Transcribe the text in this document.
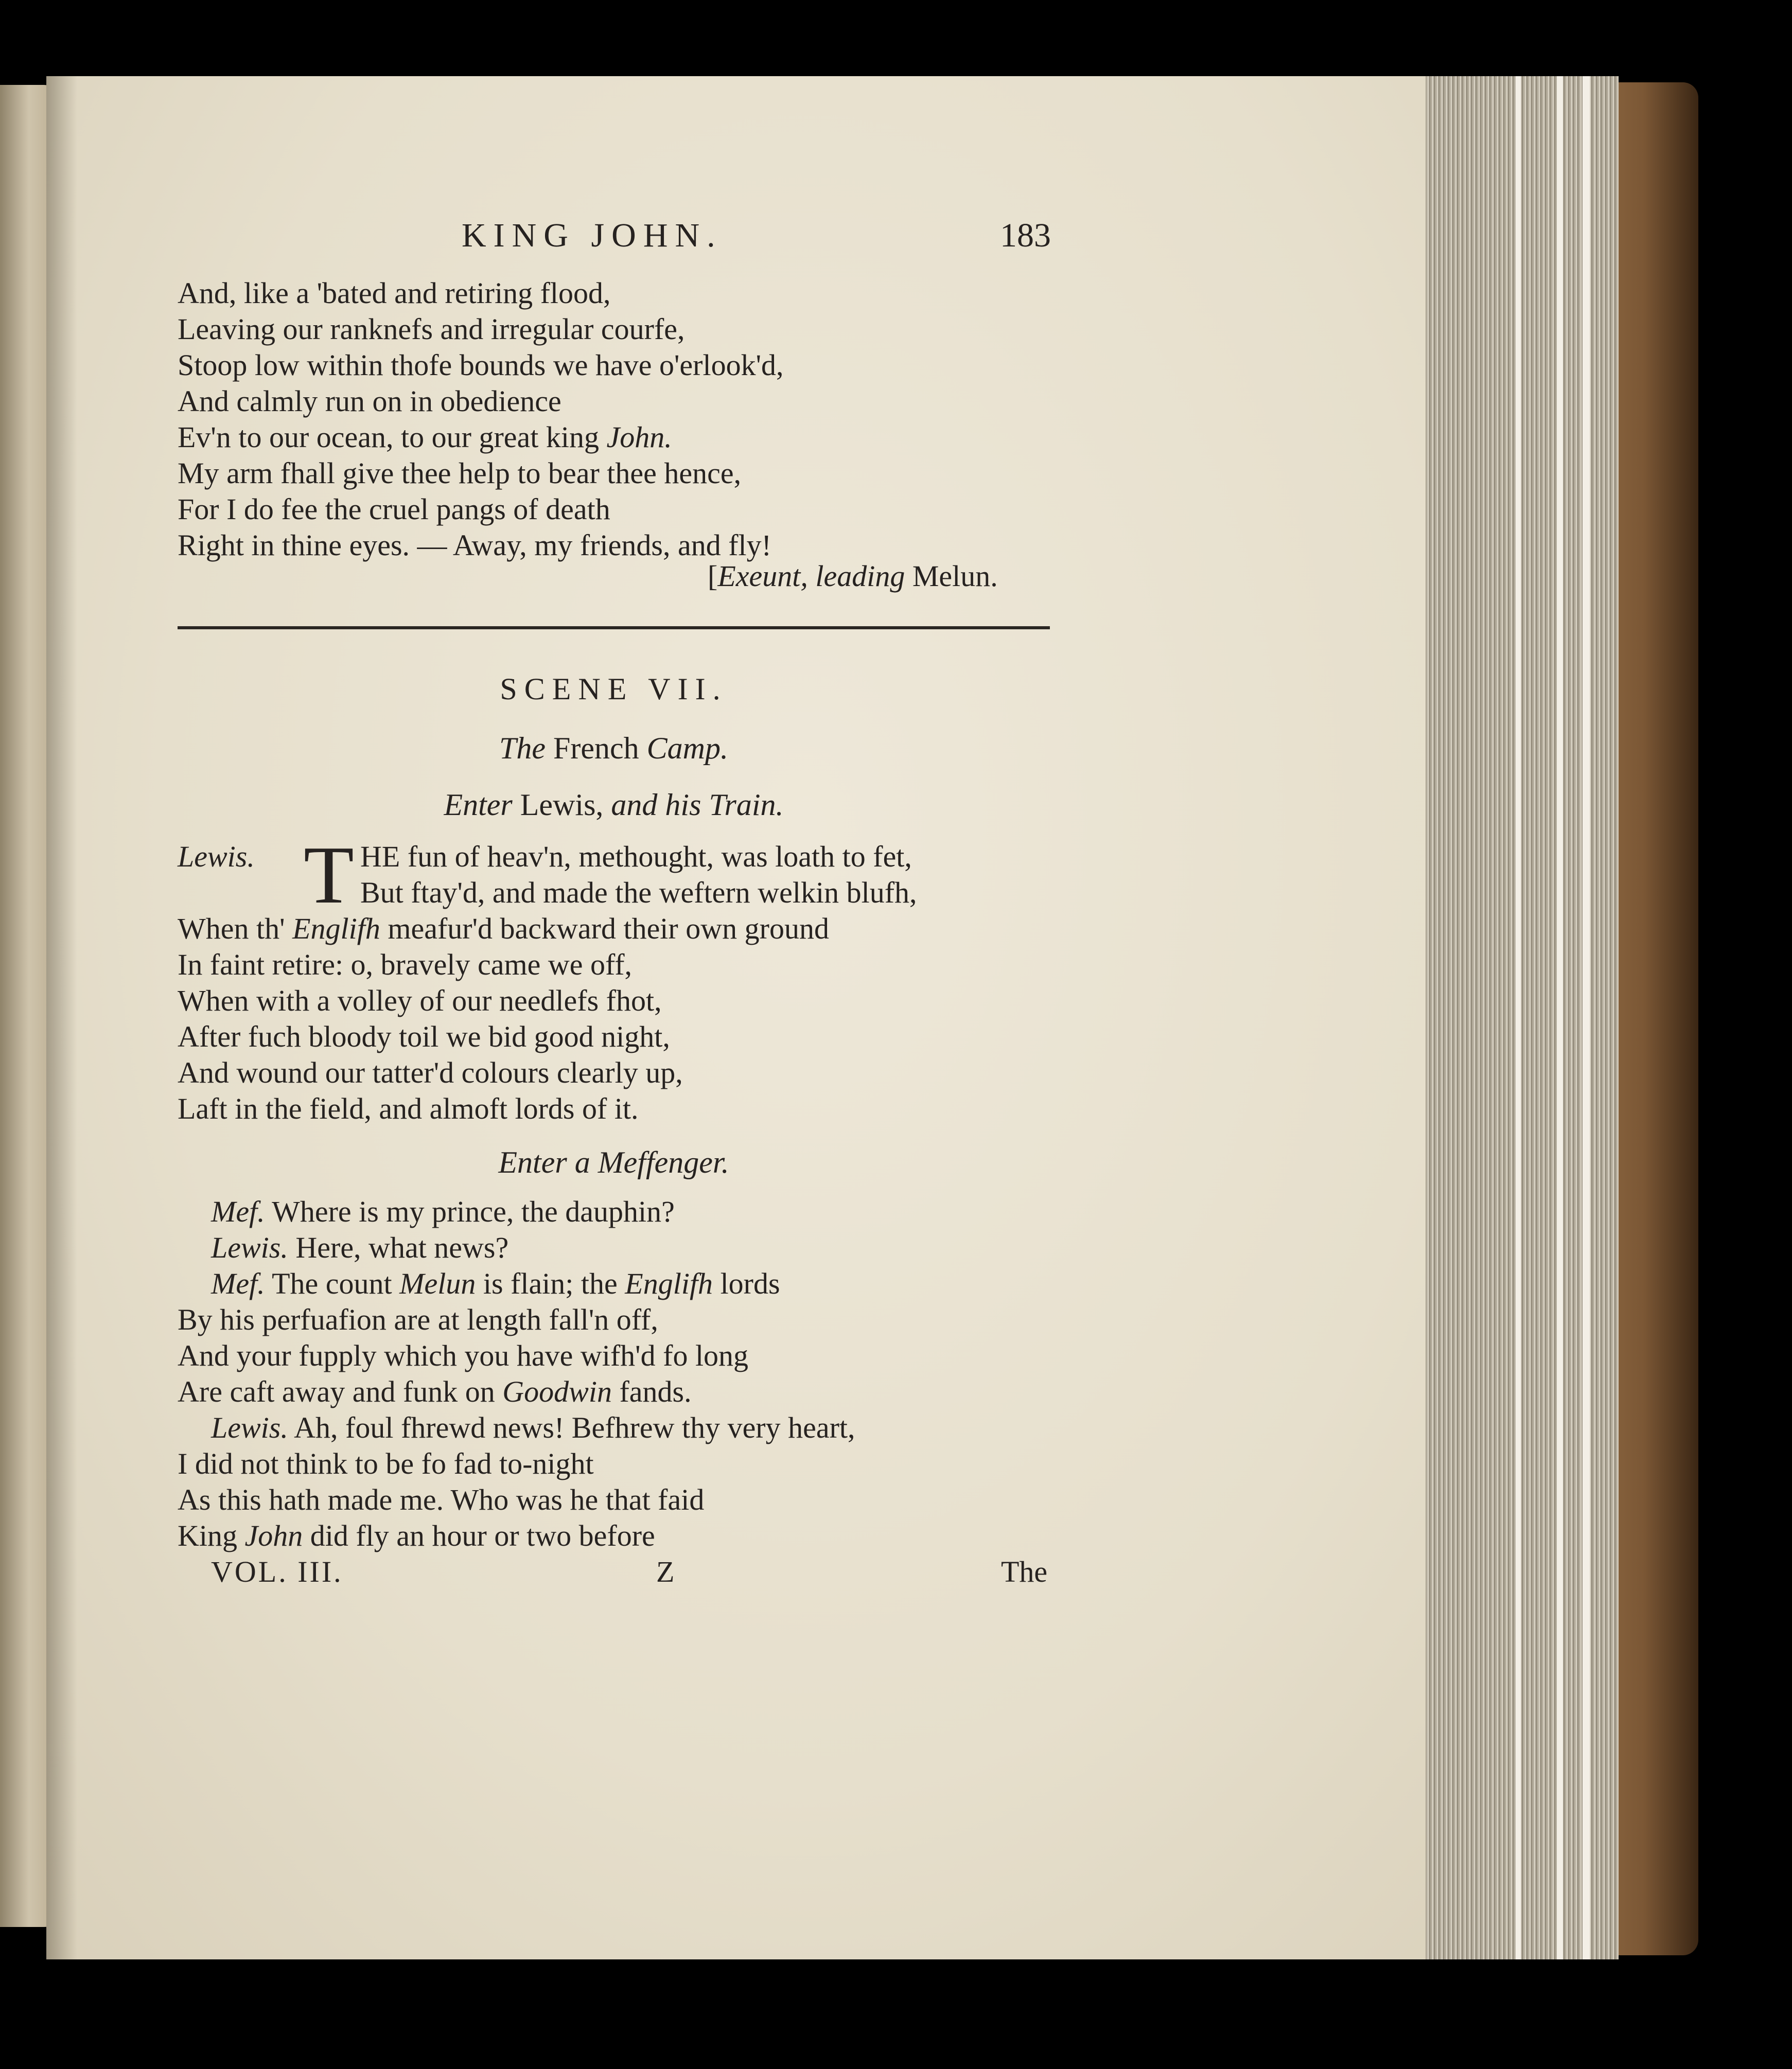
KING JOHN.	183
And, like a 'bated and retiring flood,
Leaving our ranknefs and irregular courfe,
Stoop low within thofe bounds we have o'erlook'd,
And calmly run on in obedience
Ev'n to our ocean, to our great king John.
My arm fhall give thee help to bear thee hence,
For I do fee the cruel pangs of death
Right in thine eyes. — Away, my friends, and fly!
[Exeunt, leading Melun.
SCENE VII.
The French Camp.
Enter Lewis, and his Train.
Lewis. T HE fun of heav'n, methought, was loath to fet,
But ftay'd, and made the weftern welkin blufh,
When th' Englifh meafur'd backward their own ground
In faint retire: o, bravely came we off,
When with a volley of our needlefs fhot,
After fuch bloody toil we bid good night,
And wound our tatter'd colours clearly up,
Laft in the field, and almoft lords of it.
Enter a Meffenger.
Mef. Where is my prince, the dauphin?
Lewis. Here, what news?
Mef. The count Melun is flain; the Englifh lords
By his perfuafion are at length fall'n off,
And your fupply which you have wifh'd fo long
Are caft away and funk on Goodwin fands.
Lewis. Ah, foul fhrewd news! Befhrew thy very heart,
I did not think to be fo fad to-night
As this hath made me. Who was he that faid
King John did fly an hour or two before
VOL. III.	Z	The
